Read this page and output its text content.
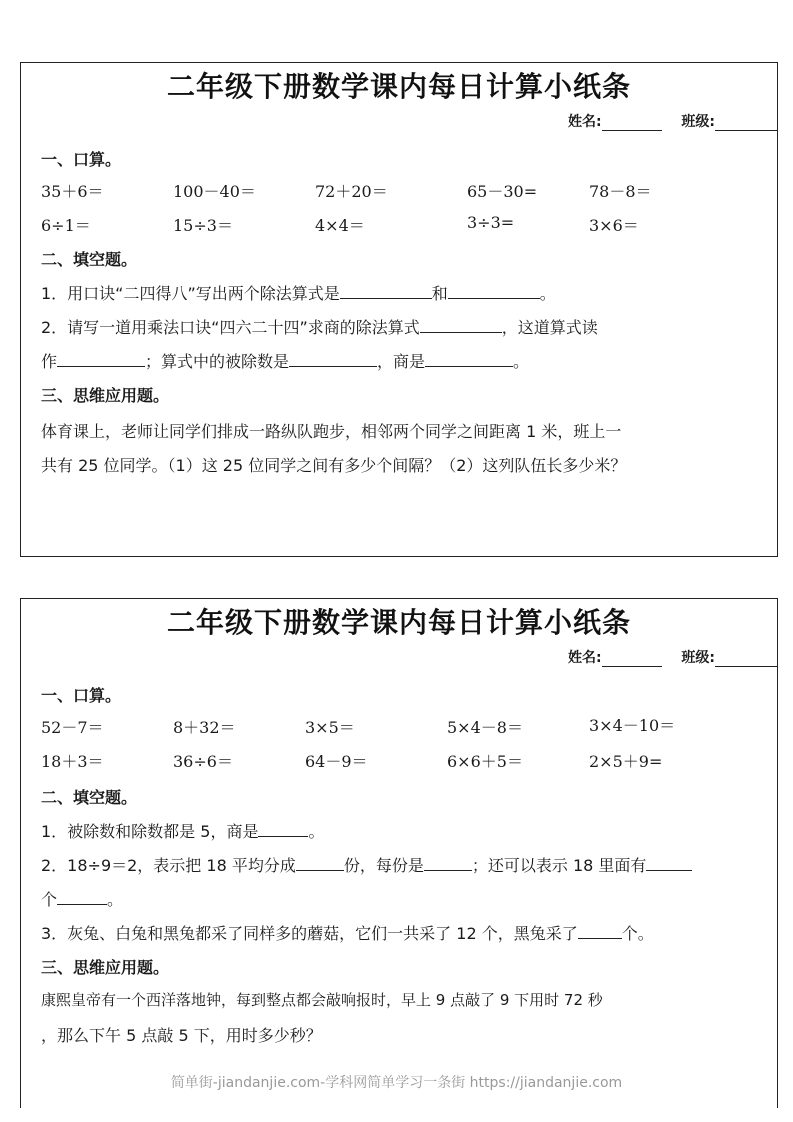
二年级下册数学课内每日计算小纸条
姓名:	班级:
一、口算。
35＋6＝	100－40＝	72＋20＝	65－30=	78－8＝
6÷1＝	15÷3＝	4×4＝	3÷3=	3×6＝
二、填空题。
1．用口诀“二四得八”写出两个除法算式是	和	。
2．请写一道用乘法口诀“四六二十四”求商的除法算式	，这道算式读
作	；算式中的被除数是	，商是	。
三、思维应用题。
体育课上，老师让同学们排成一路纵队跑步，相邻两个同学之间距离 1 米，班上一
共有 25 位同学。（1）这 25 位同学之间有多少个间隔？（2）这列队伍长多少米？
二年级下册数学课内每日计算小纸条
姓名:	班级:
一、口算。
52－7＝	8＋32＝	3×5＝	5×4－8＝	3×4－10＝
18＋3＝	36÷6＝	64－9＝	6×6＋5＝	2×5＋9=
二、填空题。
1．被除数和除数都是 5，商是	。
2．18÷9＝2，表示把 18 平均分成	份，每份是	；还可以表示 18 里面有
个	。
3．灰兔、白兔和黑兔都采了同样多的蘑菇，它们一共采了 12 个，黑兔采了	个。
三、思维应用题。
康熙皇帝有一个西洋落地钟，每到整点都会敲响报时，早上 9 点敲了 9 下用时 72 秒
，那么下午 5 点敲 5 下，用时多少秒？
简单街-jiandanjie.com-学科网简单学习一条街 https://jiandanjie.com
